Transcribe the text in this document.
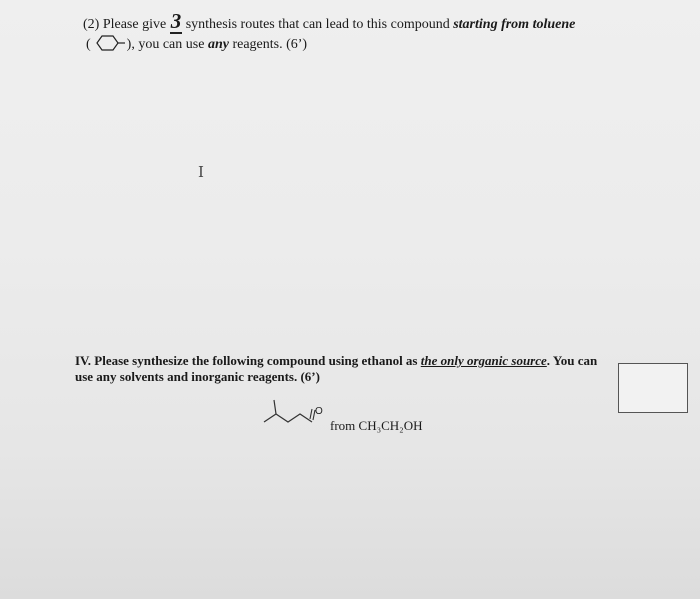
(2) Please give 3 synthesis routes that can lead to this compound starting from toluene
(	), you can use any reagents. (6’)
I
IV. Please synthesize the following compound using ethanol as the only organic source. You can
use any solvents and inorganic reagents. (6’)
O
from CH₃CH₂OH
